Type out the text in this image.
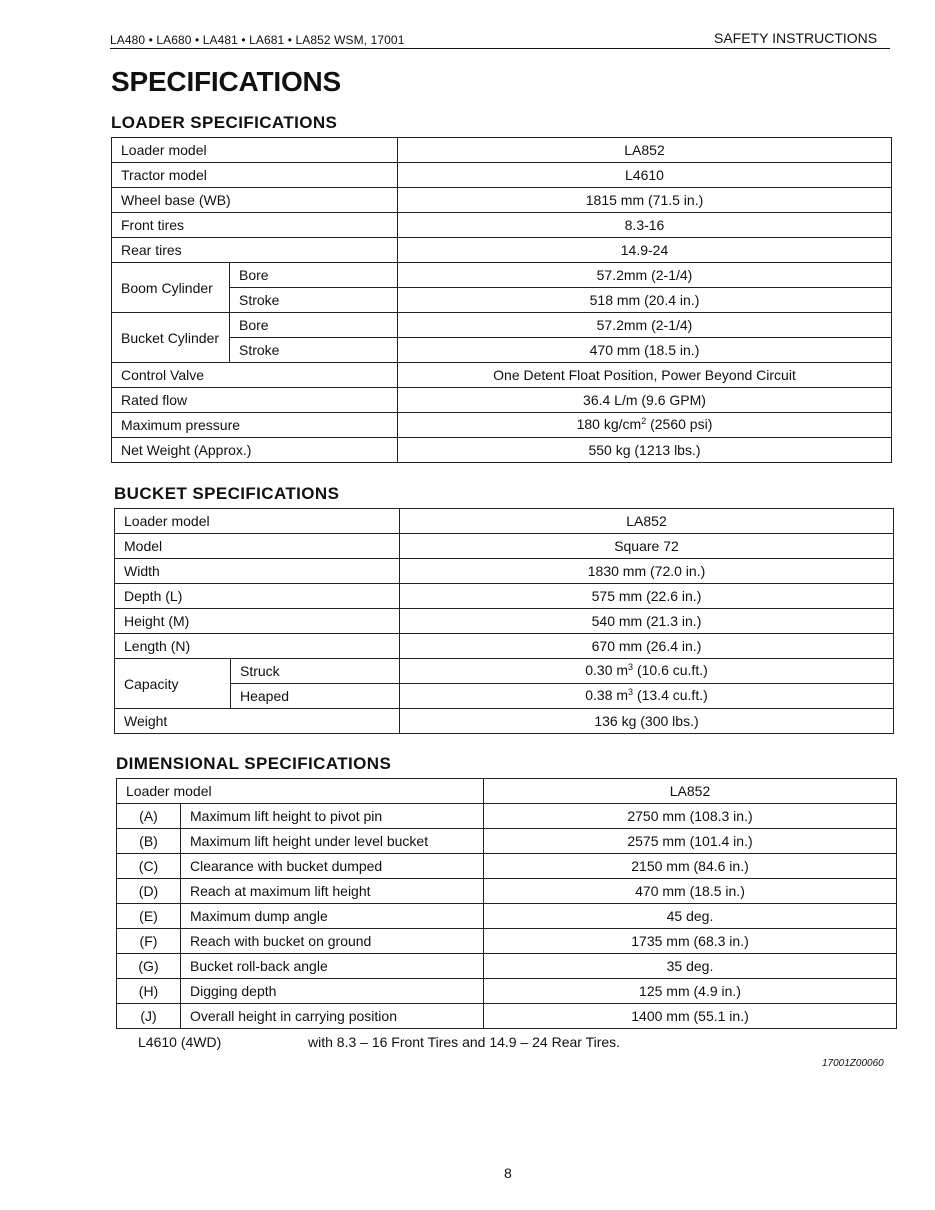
LA480 • LA680 • LA481 • LA681 • LA852 WSM, 17001	SAFETY INSTRUCTIONS
SPECIFICATIONS
LOADER SPECIFICATIONS
Loader model		LA852
Tractor model		L4610
Wheel base (WB)		1815 mm (71.5 in.)
Front tires		8.3-16
Rear tires		14.9-24
Boom Cylinder	Bore	57.2mm (2-1/4)
	Stroke	518 mm (20.4 in.)
Bucket Cylinder	Bore	57.2mm (2-1/4)
	Stroke	470 mm (18.5 in.)
Control Valve		One Detent Float Position, Power Beyond Circuit
Rated flow		36.4 L/m (9.6 GPM)
Maximum pressure		180 $kg/cm^2$ (2560 psi)
Net Weight (Approx.)		550 kg (1213 lbs.)
BUCKET SPECIFICATIONS
Loader model		LA852
Model		Square 72
Width		1830 mm (72.0 in.)
Depth (L)		575 mm (22.6 in.)
Height (M)		540 mm (21.3 in.)
Length (N)		670 mm (26.4 in.)
Capacity	Struck	0.30 $m^3$ (10.6 cu.ft.)
	Heaped	0.38 $m^3$ (13.4 cu.ft.)
Weight		136 kg (300 lbs.)
DIMENSIONAL SPECIFICATIONS
Loader model		LA852
(A)	Maximum lift height to pivot pin	2750 mm (108.3 in.)
(B)	Maximum lift height under level bucket	2575 mm (101.4 in.)
(C)	Clearance with bucket dumped	2150 mm (84.6 in.)
(D)	Reach at maximum lift height	470 mm (18.5 in.)
(E)	Maximum dump angle	45 deg.
(F)	Reach with bucket on ground	1735 mm (68.3 in.)
(G)	Bucket roll-back angle	35 deg.
(H)	Digging depth	125 mm (4.9 in.)
(J)	Overall height in carrying position	1400 mm (55.1 in.)
L4610 (4WD)	with 8.3 – 16 Front Tires and 14.9 – 24 Rear Tires.
17001Z00060
8
